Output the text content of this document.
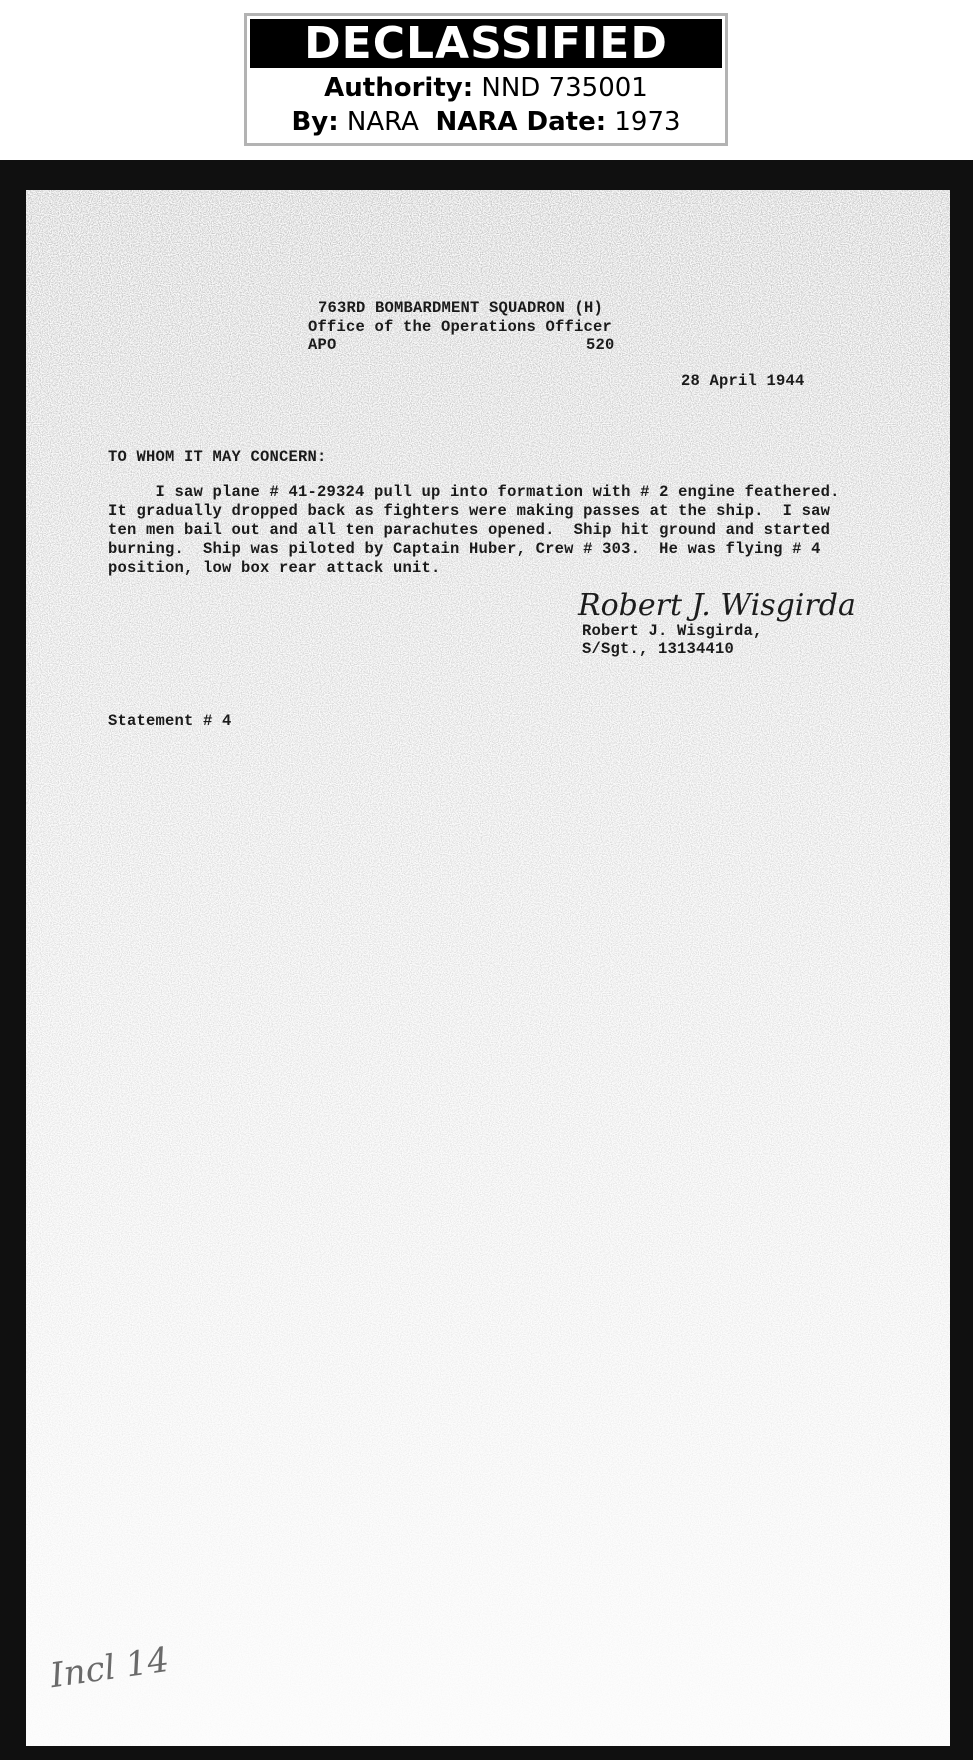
DECLASSIFIED
Authority: NND 735001
By: NARA NARA Date: 1973
763RD BOMBARDMENT SQUADRON (H)
Office of the Operations Officer
APO	520
28 April 1944
TO WHOM IT MAY CONCERN:
I saw plane # 41-29324 pull up into formation with # 2 engine feathered.
It gradually dropped back as fighters were making passes at the ship.  I saw
ten men bail out and all ten parachutes opened.  Ship hit ground and started
burning.  Ship was piloted by Captain Huber, Crew # 303.  He was flying # 4
position, low box rear attack unit.
Robert J. Wisgirda
Robert J. Wisgirda,
S/Sgt., 13134410
Statement # 4
Incl 14
